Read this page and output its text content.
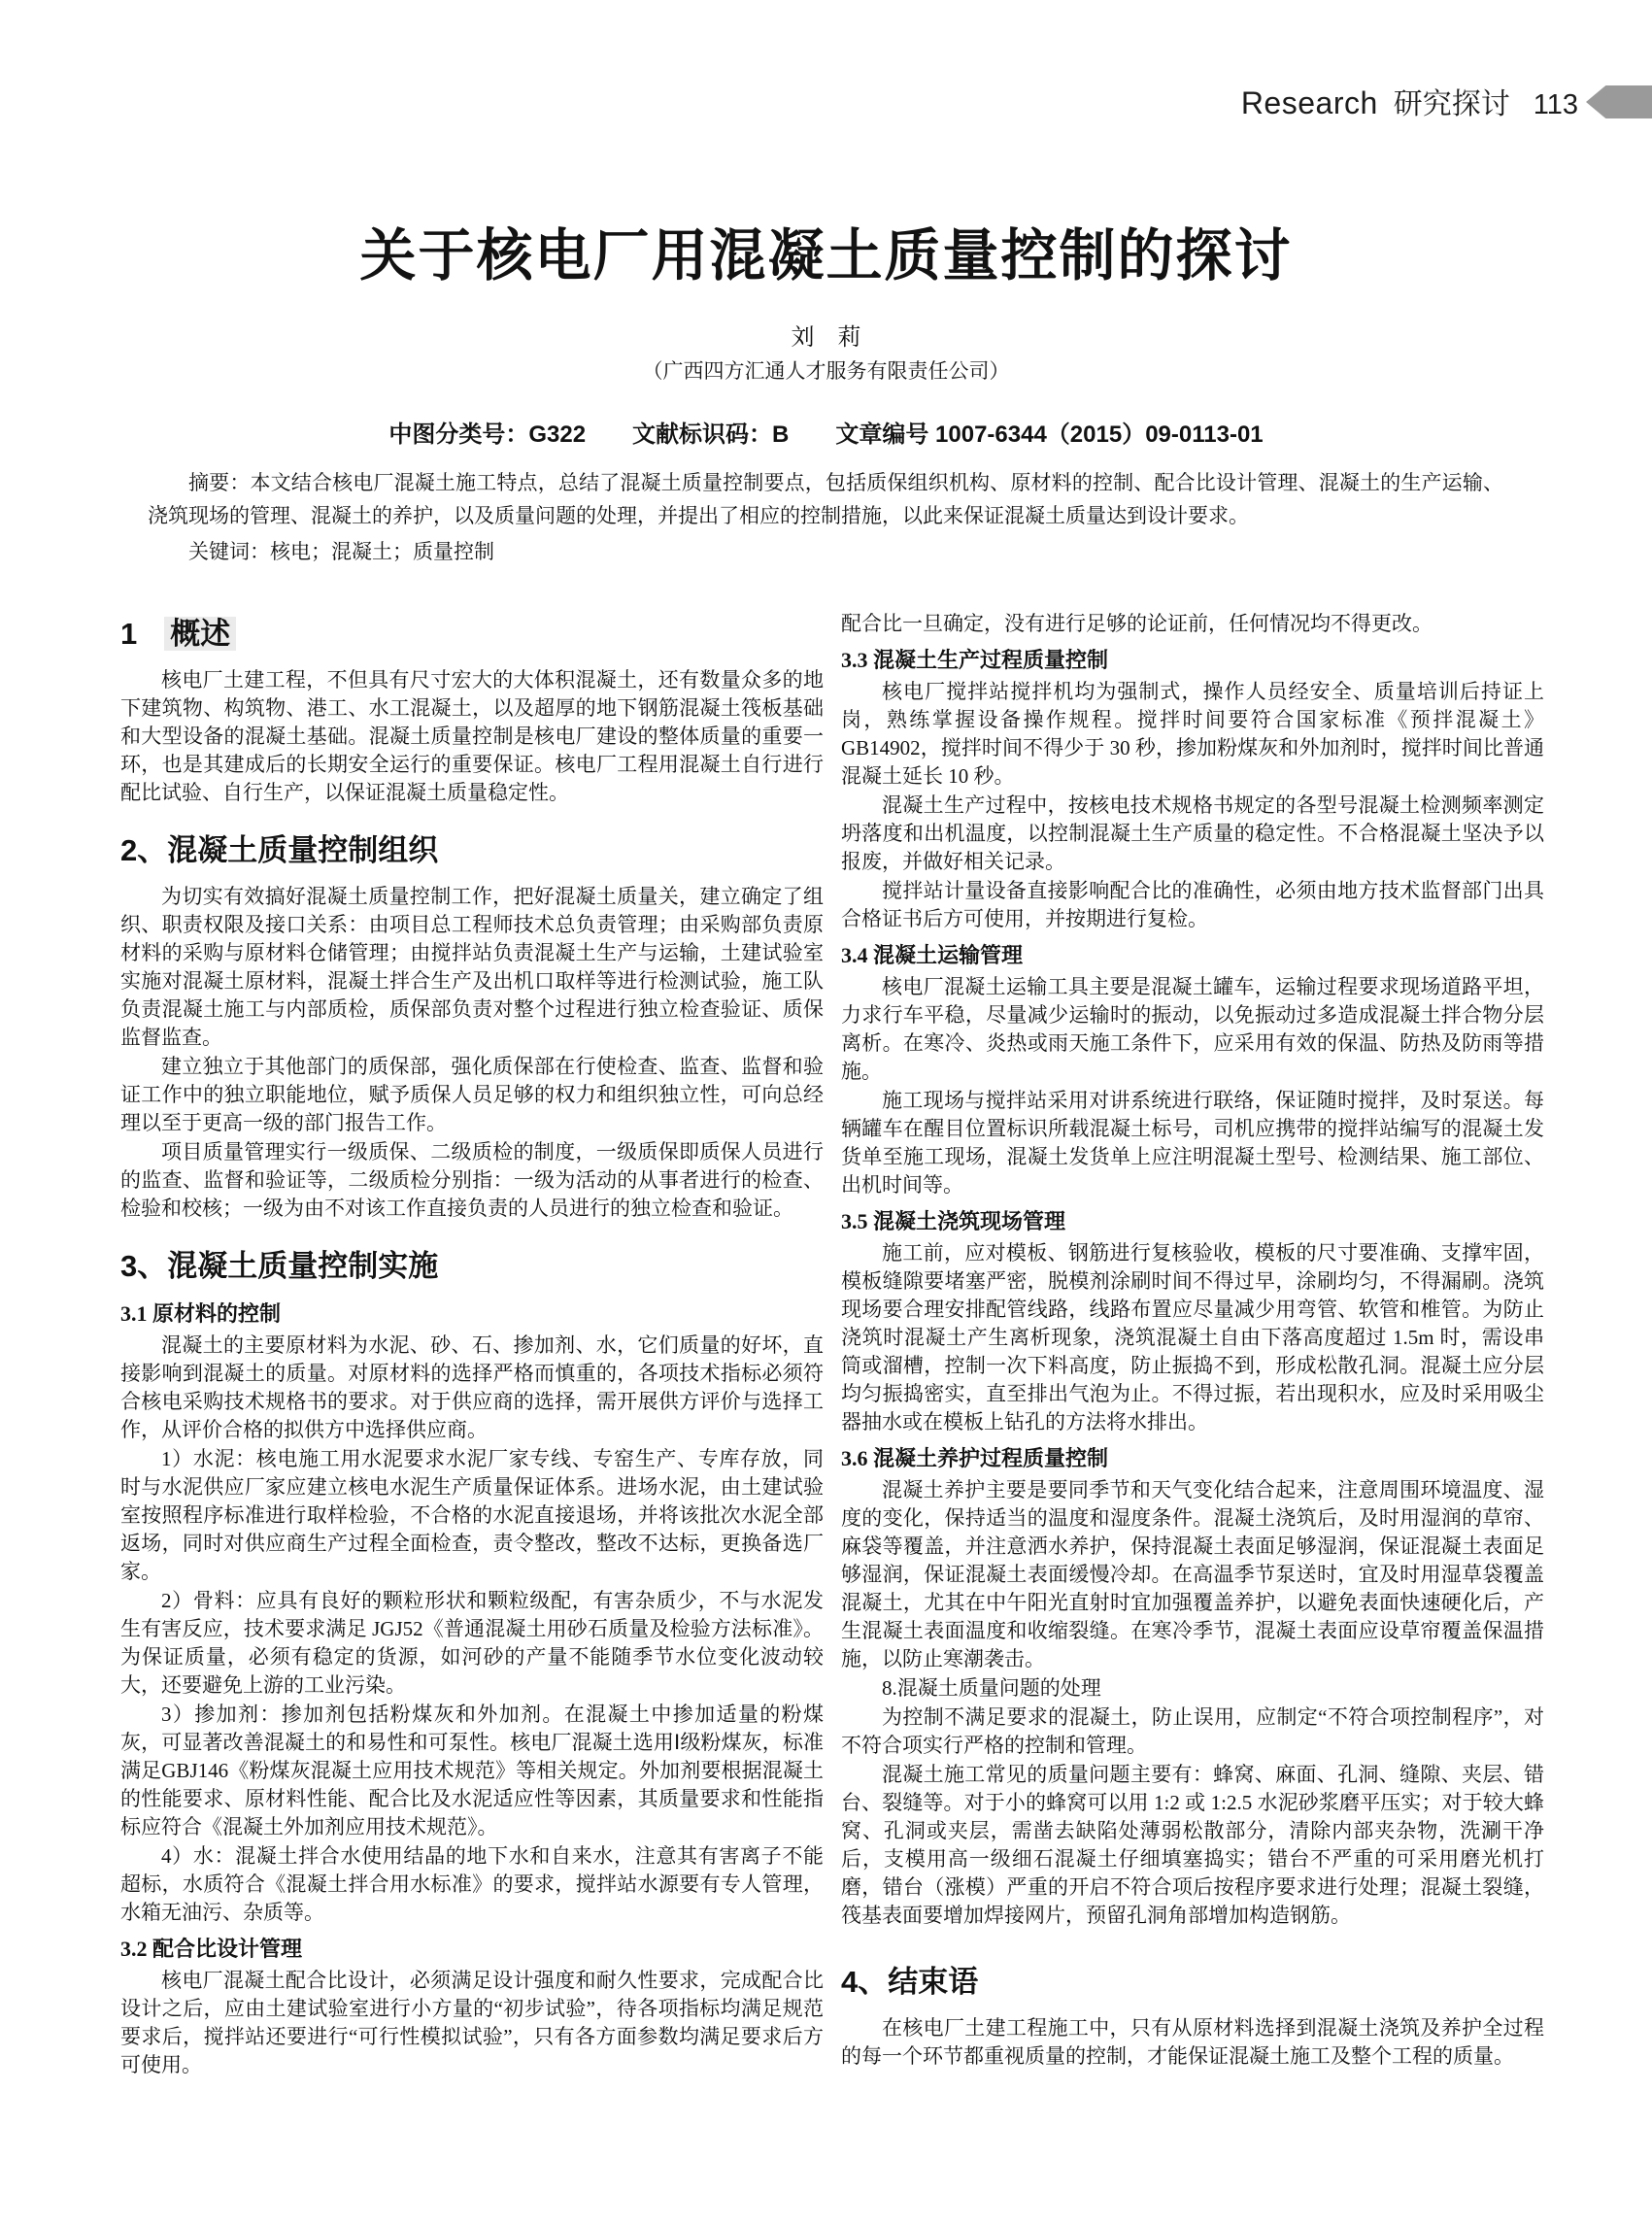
Research 研究探讨 113
关于核电厂用混凝土质量控制的探讨
刘　莉
（广西四方汇通人才服务有限责任公司）
中图分类号：G322　　文献标识码：B　　文章编号 1007-6344（2015）09-0113-01

摘要：本文结合核电厂混凝土施工特点，总结了混凝土质量控制要点，包括质保组织机构、原材料的控制、配合比设计管理、混凝土的生产运输、浇筑现场的管理、混凝土的养护，以及质量问题的处理，并提出了相应的控制措施，以此来保证混凝土质量达到设计要求。

关键词：核电；混凝土；质量控制

1 概述

核电厂土建工程，不但具有尺寸宏大的大体积混凝土，还有数量众多的地下建筑物、构筑物、港工、水工混凝土，以及超厚的地下钢筋混凝土筏板基础和大型设备的混凝土基础。混凝土质量控制是核电厂建设的整体质量的重要一环，也是其建成后的长期安全运行的重要保证。核电厂工程用混凝土自行进行配比试验、自行生产，以保证混凝土质量稳定性。

2、混凝土质量控制组织

为切实有效搞好混凝土质量控制工作，把好混凝土质量关，建立确定了组织、职责权限及接口关系：由项目总工程师技术总负责管理；由采购部负责原材料的采购与原材料仓储管理；由搅拌站负责混凝土生产与运输，土建试验室实施对混凝土原材料，混凝土拌合生产及出机口取样等进行检测试验，施工队负责混凝土施工与内部质检，质保部负责对整个过程进行独立检查验证、质保监督监查。

建立独立于其他部门的质保部，强化质保部在行使检查、监查、监督和验证工作中的独立职能地位，赋予质保人员足够的权力和组织独立性，可向总经理以至于更高一级的部门报告工作。

项目质量管理实行一级质保、二级质检的制度，一级质保即质保人员进行的监查、监督和验证等，二级质检分别指：一级为活动的从事者进行的检查、检验和校核；一级为由不对该工作直接负责的人员进行的独立检查和验证。

3、混凝土质量控制实施
3.1 原材料的控制

混凝土的主要原材料为水泥、砂、石、掺加剂、水，它们质量的好坏，直接影响到混凝土的质量。对原材料的选择严格而慎重的，各项技术指标必须符合核电采购技术规格书的要求。对于供应商的选择，需开展供方评价与选择工作，从评价合格的拟供方中选择供应商。

1）水泥：核电施工用水泥要求水泥厂家专线、专窑生产、专库存放，同时与水泥供应厂家应建立核电水泥生产质量保证体系。进场水泥，由土建试验室按照程序标准进行取样检验，不合格的水泥直接退场，并将该批次水泥全部返场，同时对供应商生产过程全面检查，责令整改，整改不达标，更换备选厂家。

2）骨料：应具有良好的颗粒形状和颗粒级配，有害杂质少，不与水泥发生有害反应，技术要求满足 JGJ52《普通混凝土用砂石质量及检验方法标准》。为保证质量，必须有稳定的货源，如河砂的产量不能随季节水位变化波动较大，还要避免上游的工业污染。

3）掺加剂：掺加剂包括粉煤灰和外加剂。在混凝土中掺加适量的粉煤灰，可显著改善混凝土的和易性和可泵性。核电厂混凝土选用Ⅰ级粉煤灰，标准满足GBJ146《粉煤灰混凝土应用技术规范》等相关规定。外加剂要根据混凝土的性能要求、原材料性能、配合比及水泥适应性等因素，其质量要求和性能指标应符合《混凝土外加剂应用技术规范》。

4）水：混凝土拌合水使用结晶的地下水和自来水，注意其有害离子不能超标，水质符合《混凝土拌合用水标准》的要求，搅拌站水源要有专人管理，水箱无油污、杂质等。

3.2 配合比设计管理

核电厂混凝土配合比设计，必须满足设计强度和耐久性要求，完成配合比设计之后，应由土建试验室进行小方量的“初步试验”，待各项指标均满足规范要求后，搅拌站还要进行“可行性模拟试验”，只有各方面参数均满足要求后方可使用。

配合比一旦确定，没有进行足够的论证前，任何情况均不得更改。

3.3 混凝土生产过程质量控制

核电厂搅拌站搅拌机均为强制式，操作人员经安全、质量培训后持证上岗，熟练掌握设备操作规程。搅拌时间要符合国家标准《预拌混凝土》GB14902，搅拌时间不得少于 30 秒，掺加粉煤灰和外加剂时，搅拌时间比普通混凝土延长 10 秒。

混凝土生产过程中，按核电技术规格书规定的各型号混凝土检测频率测定坍落度和出机温度，以控制混凝土生产质量的稳定性。不合格混凝土坚决予以报废，并做好相关记录。

搅拌站计量设备直接影响配合比的准确性，必须由地方技术监督部门出具合格证书后方可使用，并按期进行复检。

3.4 混凝土运输管理

核电厂混凝土运输工具主要是混凝土罐车，运输过程要求现场道路平坦，力求行车平稳，尽量减少运输时的振动，以免振动过多造成混凝土拌合物分层离析。在寒冷、炎热或雨天施工条件下，应采用有效的保温、防热及防雨等措施。

施工现场与搅拌站采用对讲系统进行联络，保证随时搅拌，及时泵送。每辆罐车在醒目位置标识所载混凝土标号，司机应携带的搅拌站编写的混凝土发货单至施工现场，混凝土发货单上应注明混凝土型号、检测结果、施工部位、出机时间等。

3.5 混凝土浇筑现场管理

施工前，应对模板、钢筋进行复核验收，模板的尺寸要准确、支撑牢固，模板缝隙要堵塞严密，脱模剂涂刷时间不得过早，涂刷均匀，不得漏刷。浇筑现场要合理安排配管线路，线路布置应尽量减少用弯管、软管和椎管。为防止浇筑时混凝土产生离析现象，浇筑混凝土自由下落高度超过 1.5m 时，需设串筒或溜槽，控制一次下料高度，防止振捣不到，形成松散孔洞。混凝土应分层均匀振捣密实，直至排出气泡为止。不得过振，若出现积水，应及时采用吸尘器抽水或在模板上钻孔的方法将水排出。

3.6 混凝土养护过程质量控制

混凝土养护主要是要同季节和天气变化结合起来，注意周围环境温度、湿度的变化，保持适当的温度和湿度条件。混凝土浇筑后，及时用湿润的草帘、麻袋等覆盖，并注意洒水养护，保持混凝土表面足够湿润，保证混凝土表面足够湿润，保证混凝土表面缓慢冷却。在高温季节泵送时，宜及时用湿草袋覆盖混凝土，尤其在中午阳光直射时宜加强覆盖养护，以避免表面快速硬化后，产生混凝土表面温度和收缩裂缝。在寒冷季节，混凝土表面应设草帘覆盖保温措施，以防止寒潮袭击。

8.混凝土质量问题的处理

为控制不满足要求的混凝土，防止误用，应制定“不符合项控制程序”，对不符合项实行严格的控制和管理。

混凝土施工常见的质量问题主要有：蜂窝、麻面、孔洞、缝隙、夹层、错台、裂缝等。对于小的蜂窝可以用 1:2 或 1:2.5 水泥砂浆磨平压实；对于较大蜂窝、孔洞或夹层，需凿去缺陷处薄弱松散部分，清除内部夹杂物，洗涮干净后，支模用高一级细石混凝土仔细填塞捣实；错台不严重的可采用磨光机打磨，错台（涨模）严重的开启不符合项后按程序要求进行处理；混凝土裂缝，筏基表面要增加焊接网片，预留孔洞角部增加构造钢筋。

4、结束语

在核电厂土建工程施工中，只有从原材料选择到混凝土浇筑及养护全过程的每一个环节都重视质量的控制，才能保证混凝土施工及整个工程的质量。
